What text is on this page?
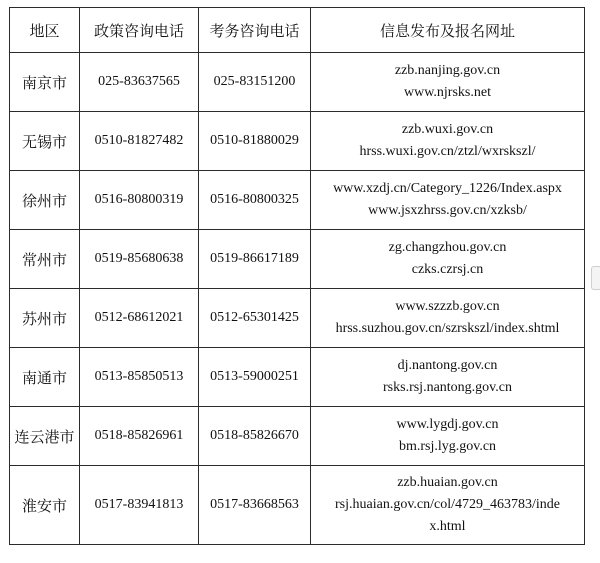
地区	政策咨询电话	考务咨询电话	信息发布及报名网址
南京市	025-83637565	025-83151200	zzb.nanjing.gov.cn
www.njrsks.net

无锡市	0510-81827482	0510-81880029	zzb.wuxi.gov.cn
hrss.wuxi.gov.cn/ztzl/wxrskszl/

徐州市	0516-80800319	0516-80800325	www.xzdj.cn/Category_1226/Index.aspx
www.jsxzhrss.gov.cn/xzksb/

常州市	0519-85680638	0519-86617189	zg.changzhou.gov.cn
czks.czrsj.cn

苏州市	0512-68612021	0512-65301425	www.szzzb.gov.cn
hrss.suzhou.gov.cn/szrskszl/index.shtml

南通市	0513-85850513	0513-59000251	dj.nantong.gov.cn
rsks.rsj.nantong.gov.cn

连云港市	0518-85826961	0518-85826670	www.lygdj.gov.cn
bm.rsj.lyg.gov.cn

淮安市	0517-83941813	0517-83668563	zzb.huaian.gov.cn
rsj.huaian.gov.cn/col/4729_463783/inde
x.html
